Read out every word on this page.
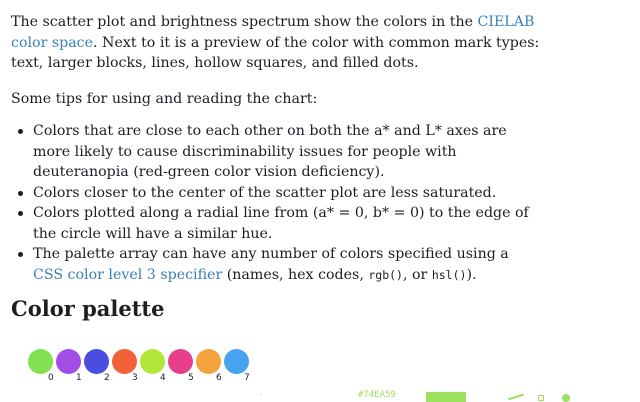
The scatter plot and brightness spectrum show the colors in the CIELAB color space. Next to it is a preview of the color with common mark types: text, larger blocks, lines, hollow squares, and filled dots.

Some tips for using and reading the chart:

Colors that are close to each other on both the a* and L* axes are more likely to cause discriminability issues for people with deuteranopia (red-green color vision deficiency).
Colors closer to the center of the scatter plot are less saturated.
Colors plotted along a radial line from (a* = 0, b* = 0) to the edge of the circle will have a similar hue.
The palette array can have any number of colors specified using a CSS color level 3 specifier (names, hex codes, rgb(), or hsl()).
Color palette
0 1 2 3 4 5 6 7
·	#74EA59
